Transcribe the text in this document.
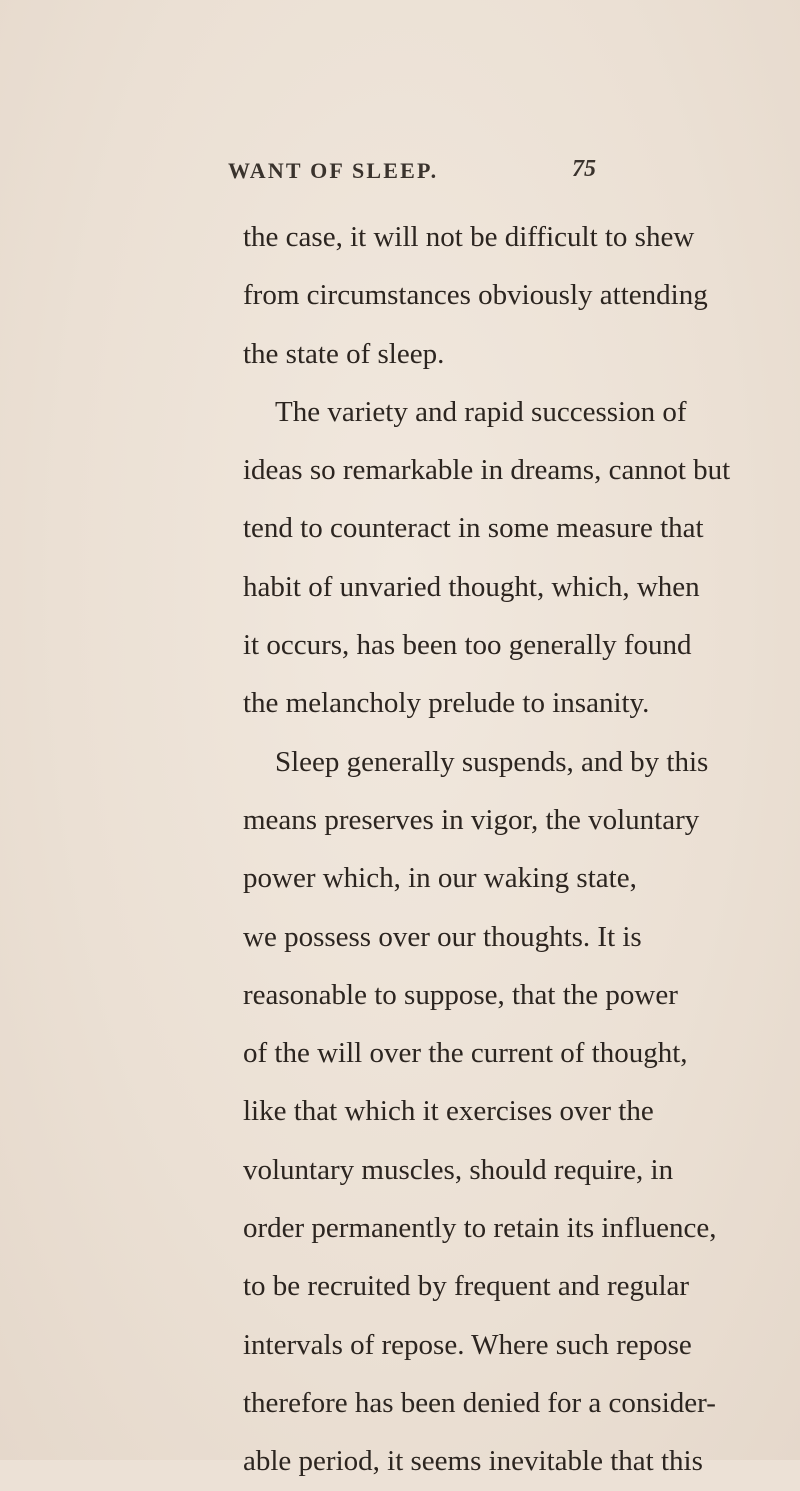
WANT OF SLEEP.	75
the case, it will not be difficult to shew
from circumstances obviously attending
the state of sleep.
The variety and rapid succession of
ideas so remarkable in dreams, cannot but
tend to counteract in some measure that
habit of unvaried thought, which, when
it occurs, has been too generally found
the melancholy prelude to insanity.
Sleep generally suspends, and by this
means preserves in vigor, the voluntary
power which, in our waking state,
we possess over our thoughts. It is
reasonable to suppose, that the power
of the will over the current of thought,
like that which it exercises over the
voluntary muscles, should require, in
order permanently to retain its influence,
to be recruited by frequent and regular
intervals of repose. Where such repose
therefore has been denied for a consider-
able period, it seems inevitable that this
